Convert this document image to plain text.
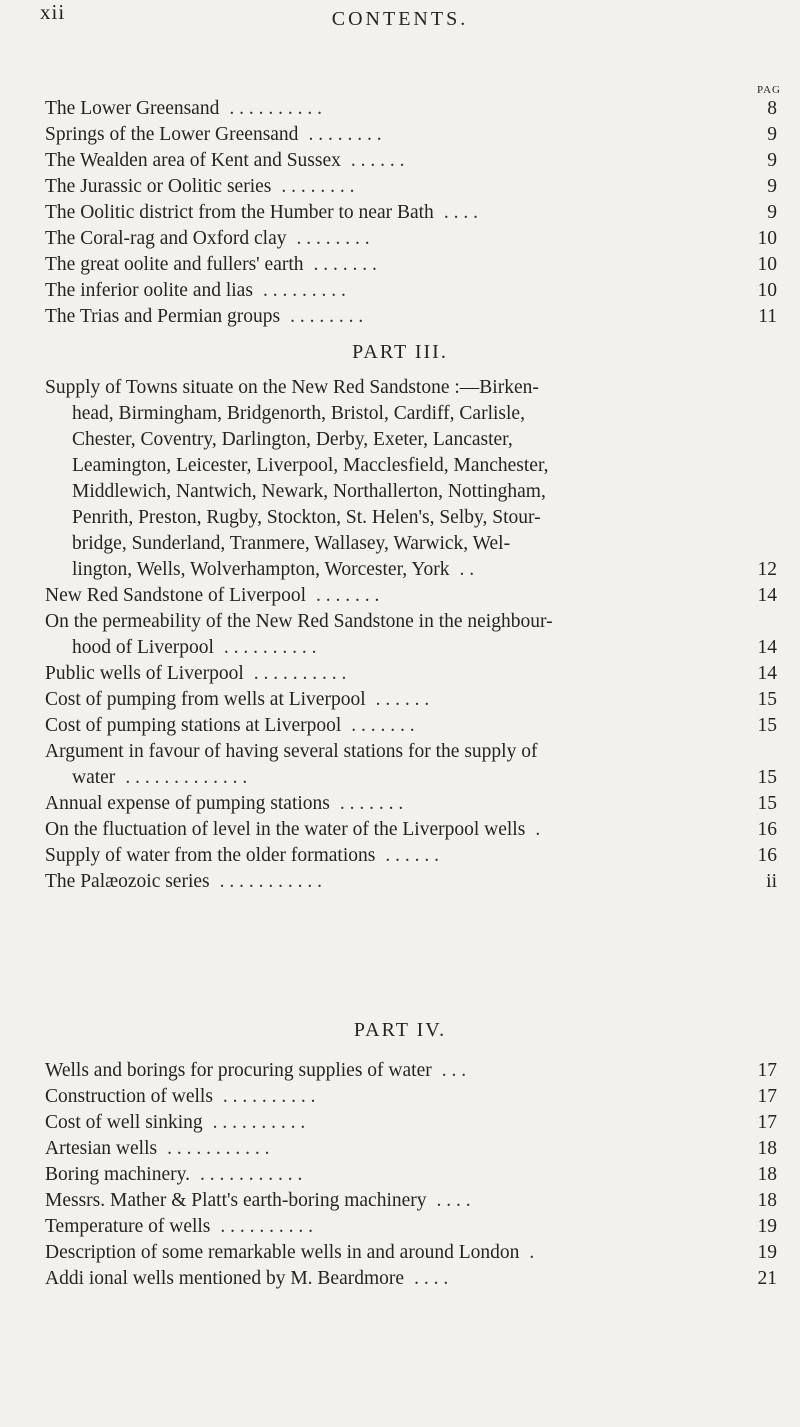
xii	CONTENTS.
PAG
The Lower Greensand . . . . . . . . . .	8
Springs of the Lower Greensand . . . . . . . .	9
The Wealden area of Kent and Sussex . . . . . .	9
The Jurassic or Oolitic series . . . . . . . .	9
The Oolitic district from the Humber to near Bath . . . .	9
The Coral-rag and Oxford clay . . . . . . . .	10
The great oolite and fullers' earth . . . . . . .	10
The inferior oolite and lias . . . . . . . . .	10
The Trias and Permian groups . . . . . . . .	11
PART III.
Supply of Towns situate on the New Red Sandstone :—Birken-
head, Birmingham, Bridgenorth, Bristol, Cardiff, Carlisle,
Chester, Coventry, Darlington, Derby, Exeter, Lancaster,
Leamington, Leicester, Liverpool, Macclesfield, Manchester,
Middlewich, Nantwich, Newark, Northallerton, Nottingham,
Penrith, Preston, Rugby, Stockton, St. Helen's, Selby, Stour-
bridge, Sunderland, Tranmere, Wallasey, Warwick, Wel-
lington, Wells, Wolverhampton, Worcester, York . .	12
New Red Sandstone of Liverpool . . . . . . .	14
On the permeability of the New Red Sandstone in the neighbour-
hood of Liverpool . . . . . . . . . .	14
Public wells of Liverpool . . . . . . . . . .	14
Cost of pumping from wells at Liverpool . . . . . .	15
Cost of pumping stations at Liverpool . . . . . . .	15
Argument in favour of having several stations for the supply of
water . . . . . . . . . . . . .	15
Annual expense of pumping stations . . . . . . .	15
On the fluctuation of level in the water of the Liverpool wells .	16
Supply of water from the older formations . . . . . .	16
The Palæozoic series . . . . . . . . . . .	ii
PART IV.
Wells and borings for procuring supplies of water . . .	17
Construction of wells . . . . . . . . . .	17
Cost of well sinking . . . . . . . . . .	17
Artesian wells . . . . . . . . . . .	18
Boring machinery. . . . . . . . . . . .	18
Messrs. Mather & Platt's earth-boring machinery . . . .	18
Temperature of wells . . . . . . . . . .	19
Description of some remarkable wells in and around London .	19
Addi ional wells mentioned by M. Beardmore . . . .	21
